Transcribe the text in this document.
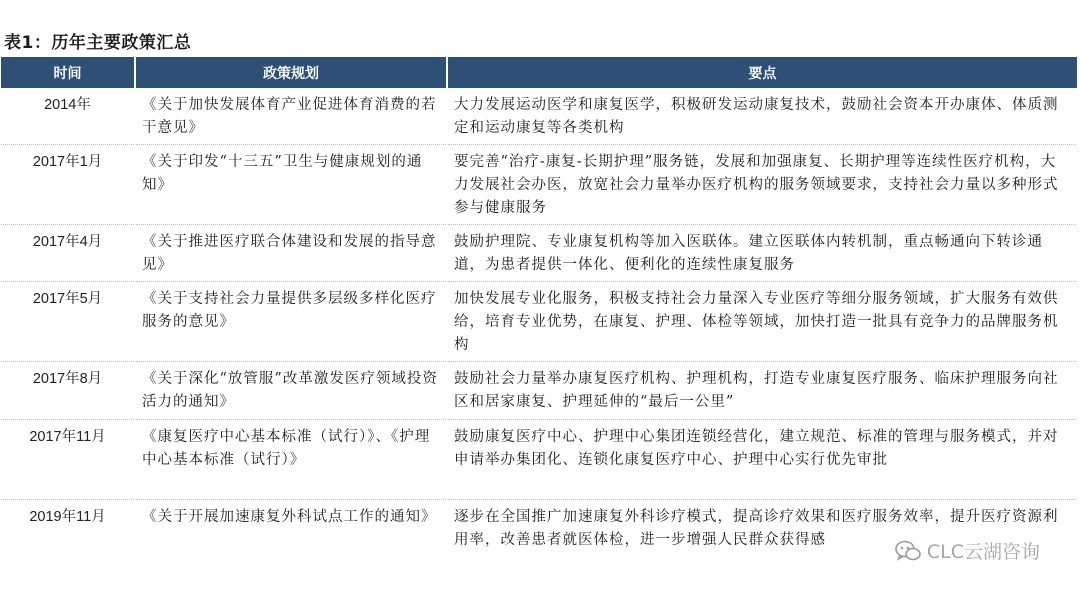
表1：历年主要政策汇总
时间	政策规划	要点
2014年	《关于加快发展体育产业促进体育消费的若干意见》	大力发展运动医学和康复医学，积极研发运动康复技术，鼓励社会资本开办康体、体质测定和运动康复等各类机构
2017年1月	《关于印发“十三五”卫生与健康规划的通知》	要完善“治疗-康复-长期护理”服务链，发展和加强康复、长期护理等连续性医疗机构，大力发展社会办医，放宽社会力量举办医疗机构的服务领域要求，支持社会力量以多种形式参与健康服务
2017年4月	《关于推进医疗联合体建设和发展的指导意见》	鼓励护理院、专业康复机构等加入医联体。建立医联体内转机制，重点畅通向下转诊通道，为患者提供一体化、便利化的连续性康复服务
2017年5月	《关于支持社会力量提供多层级多样化医疗服务的意见》	加快发展专业化服务，积极支持社会力量深入专业医疗等细分服务领域，扩大服务有效供给，培育专业优势，在康复、护理、体检等领域，加快打造一批具有竞争力的品牌服务机构
2017年8月	《关于深化“放管服”改革激发医疗领域投资活力的通知》	鼓励社会力量举办康复医疗机构、护理机构，打造专业康复医疗服务、临床护理服务向社区和居家康复、护理延伸的“最后一公里”
2017年11月	《康复医疗中心基本标准（试行）》、《护理中心基本标准（试行）》	鼓励康复医疗中心、护理中心集团连锁经营化，建立规范、标准的管理与服务模式，并对申请举办集团化、连锁化康复医疗中心、护理中心实行优先审批
2019年11月	《关于开展加速康复外科试点工作的通知》	逐步在全国推广加速康复外科诊疗模式，提高诊疗效果和医疗服务效率，提升医疗资源利用率，改善患者就医体检，进一步增强人民群众获得感
CLC云湖咨询
